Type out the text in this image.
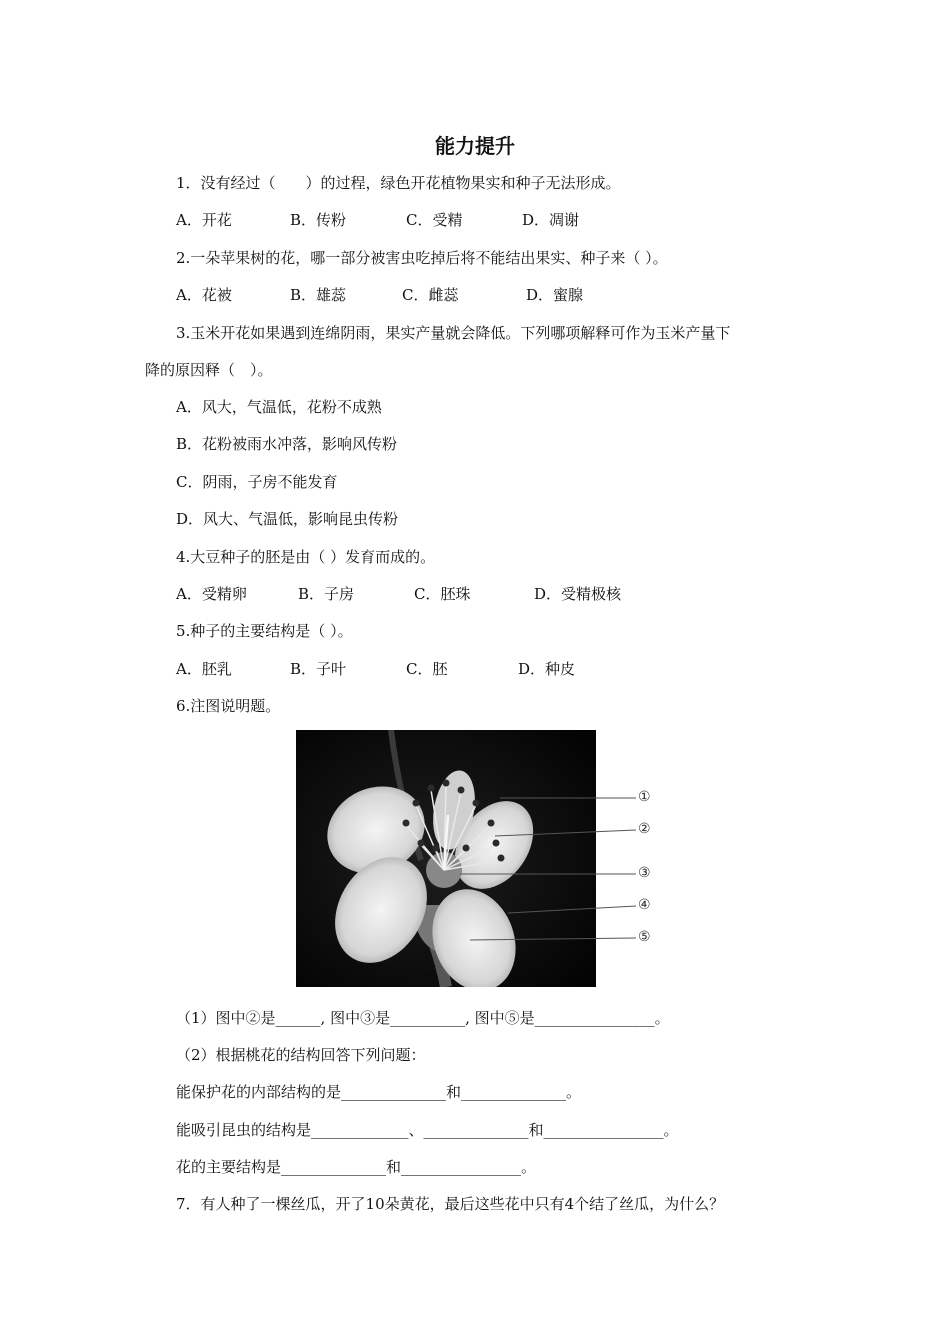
能力提升
1．没有经过（　　）的过程，绿色开花植物果实和种子无法形成。
A．开花	B．传粉	C．受精	D．凋谢
2.一朵苹果树的花，哪一部分被害虫吃掉后将不能结出果实、种子来（ ）。
A．花被	B．雄蕊	C．雌蕊	D．蜜腺
3.玉米开花如果遇到连绵阴雨，果实产量就会降低。下列哪项解释可作为玉米产量下
降的原因释（　）。
A．风大，气温低，花粉不成熟
B．花粉被雨水冲落，影响风传粉
C．阴雨，子房不能发育
D．风大、气温低，影响昆虫传粉
4.大豆种子的胚是由（ ）发育而成的。
A．受精卵	B．子房	C．胚珠	D．受精极核
5.种子的主要结构是（ ）。
A．胚乳	B．子叶	C．胚	D．种皮
6.注图说明题。
①
②
③
④
⑤
（1）图中②是______, 图中③是__________, 图中⑤是________________。
（2）根据桃花的结构回答下列问题：
能保护花的内部结构的是______________和______________。
能吸引昆虫的结构是_____________、______________和________________。
花的主要结构是______________和________________。
7．有人种了一棵丝瓜，开了10朵黄花，最后这些花中只有4个结了丝瓜，为什么？
